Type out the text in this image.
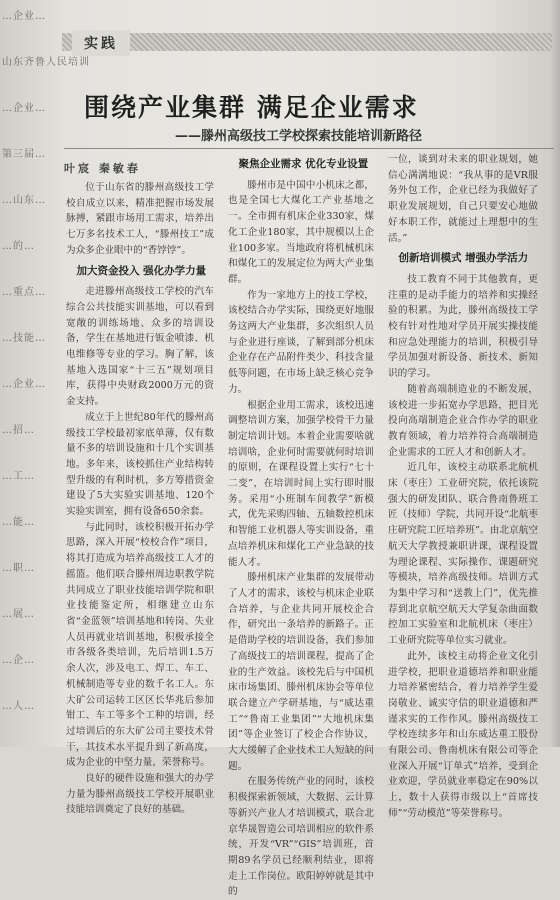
…企业…
山东齐鲁人民培训
…企业…
第三届…
…山东…
…的…
…重点…
…技能…
…企业…
…招…
…工…
…能…
…职…
…展…
…企…
…人…
实践
围绕产业集群 满足企业需求
——滕州高级技工学校探索技能培训新路径
叶宸 秦敏春

位于山东省的滕州高级技工学校自成立以来，精准把握市场发展脉搏，紧跟市场用工需求，培养出七万多名技术工人，“滕州技工”成为众多企业眼中的“香饽饽”。

加大资金投入 强化办学力量

走进滕州高级技工学校的汽车综合公共技能实训基地，可以看到宽敞的训练场地、众多的培训设备，学生在基地进行钣金喷漆、机电维修等专业的学习。胸了解，该基地入选国家“十三五”规划项目库，获得中央财政2000万元的资金支持。

成立于上世纪80年代的滕州高级技工学校最初家底单薄，仅有数量不多的培训设施和十几个实训基地。多年来，该校抓住产业结构转型升级的有利时机，多方筹措资金建设了5大实验实训基地、120个实验实训室，拥有设备650余套。

与此同时，该校积极开拓办学思路，深入开展“校校合作”项目，将其打造成为培养高级技工人才的摇篮。他们联合滕州周边职教学院共同成立了职业技能培训学院和职业技能鉴定所，相继建立山东省“金蓝领”培训基地和转岗、失业人员再就业培训基地，积极承接全市各级各类培训，先后培训1.5万余人次，涉及电工、焊工、车工、机械制造等专业的数千名工人。东大矿公司运转工区区长华兆后参加钳工、车工等多个工种的培训，经过培训后的东大矿公司主要技术骨干，其技术水平提升到了新高度，成为企业的中坚力量，荣誉称号。

良好的硬件设施和强大的办学力量为滕州高级技工学校开展职业技能培训奠定了良好的基础。

聚焦企业需求 优化专业设置

滕州市是中国中小机床之都，也是全国七大煤化工产业基地之一。全市拥有机床企业330家，煤化工企业180家，其中规模以上企业100多家。当地政府将机械机床和煤化工的发展定位为两大产业集群。

作为一家地方上的技工学校，该校结合办学实际，围绕更好地服务这两大产业集群，多次组织人员与企业进行座谈，了解到部分机床企业存在产品附件类少、科技含量低等问题，在市场上缺乏核心竞争力。

根据企业用工需求，该校迅速调整培训方案，加强学校骨干力量制定培训计划。本着企业需要啥就培训啥，企业何时需要就何时培训的原则，在课程设置上实行“七十二变”，在培训时间上实行即时服务。采用“小班制车间教学”新模式，优先采购四轴、五轴数控机床和智能工业机器人等实训设备，重点培养机床和煤化工产业急缺的技能人才。

滕州机床产业集群的发展带动了人才的需求，该校与机床企业联合培养，与企业共同开展校企合作，研究出一条培养的新路子。正是借助学校的培训设备，我们参加了高级技工的培训课程，提高了企业的生产效益。该校先后与中国机床市场集团、滕州机床协会等单位联合建立产学研基地，与“威达重工”“鲁南工业集团”“大地机床集团”等企业签订了校企合作协议，大大缓解了企业技术工人短缺的问题。

在服务传统产业的同时，该校积极探索新领域，大数据、云计算等新兴产业人才培训模式，联合北京华晟智造公司培训相应的软件系统，开发“VR”“GIS”培训班，首期89名学员已经顺利结业，即将走上工作岗位。欧阳婷婷就是其中的

一位，谈到对未来的职业规划，她信心满满地说：“我从事的是VR服务外包工作，企业已经为我做好了职业发展规划，自己只要安心地做好本职工作，就能过上理想中的生活。”

创新培训模式 增强办学活力

技工教育不同于其他教育，更注重的是动手能力的培养和实操经验的积累。为此，滕州高级技工学校有针对性地对学员开展实操技能和应急处理能力的培训，积极引导学员加强对新设备、新技术、新知识的学习。

随着高端制造业的不断发展，该校进一步拓宽办学思路，把目光投向高端制造企业合作办学的职业教育领域，着力培养符合高端制造企业需求的工匠人才和创新人才。

近几年，该校主动联系北航机床（枣庄）工业研究院，依托该院强大的研发团队、联合鲁南鲁班工匠（技师）学院，共同开设“北航枣庄研究院工匠培养班”。由北京航空航天大学教授兼职讲课，课程设置为理论课程、实际操作、课题研究等模块，培养高级技师。培训方式为集中学习和“送教上门”，优先推荐到北京航空航天大学复杂曲面数控加工实验室和北航机床（枣庄）工业研究院等单位实习就业。

此外，该校主动将企业文化引进学校，把职业道德培养和职业能力培养紧密结合，着力培养学生爱岗敬业、诚实守信的职业道德和严谨求实的工作作风。滕州高级技工学校连续多年和山东威达重工股份有限公司、鲁南机床有限公司等企业深入开展“订单式”培养，受到企业欢迎，学员就业率稳定在90%以上，数十人获得市级以上“首席技师”“劳动模范”等荣誉称号。
